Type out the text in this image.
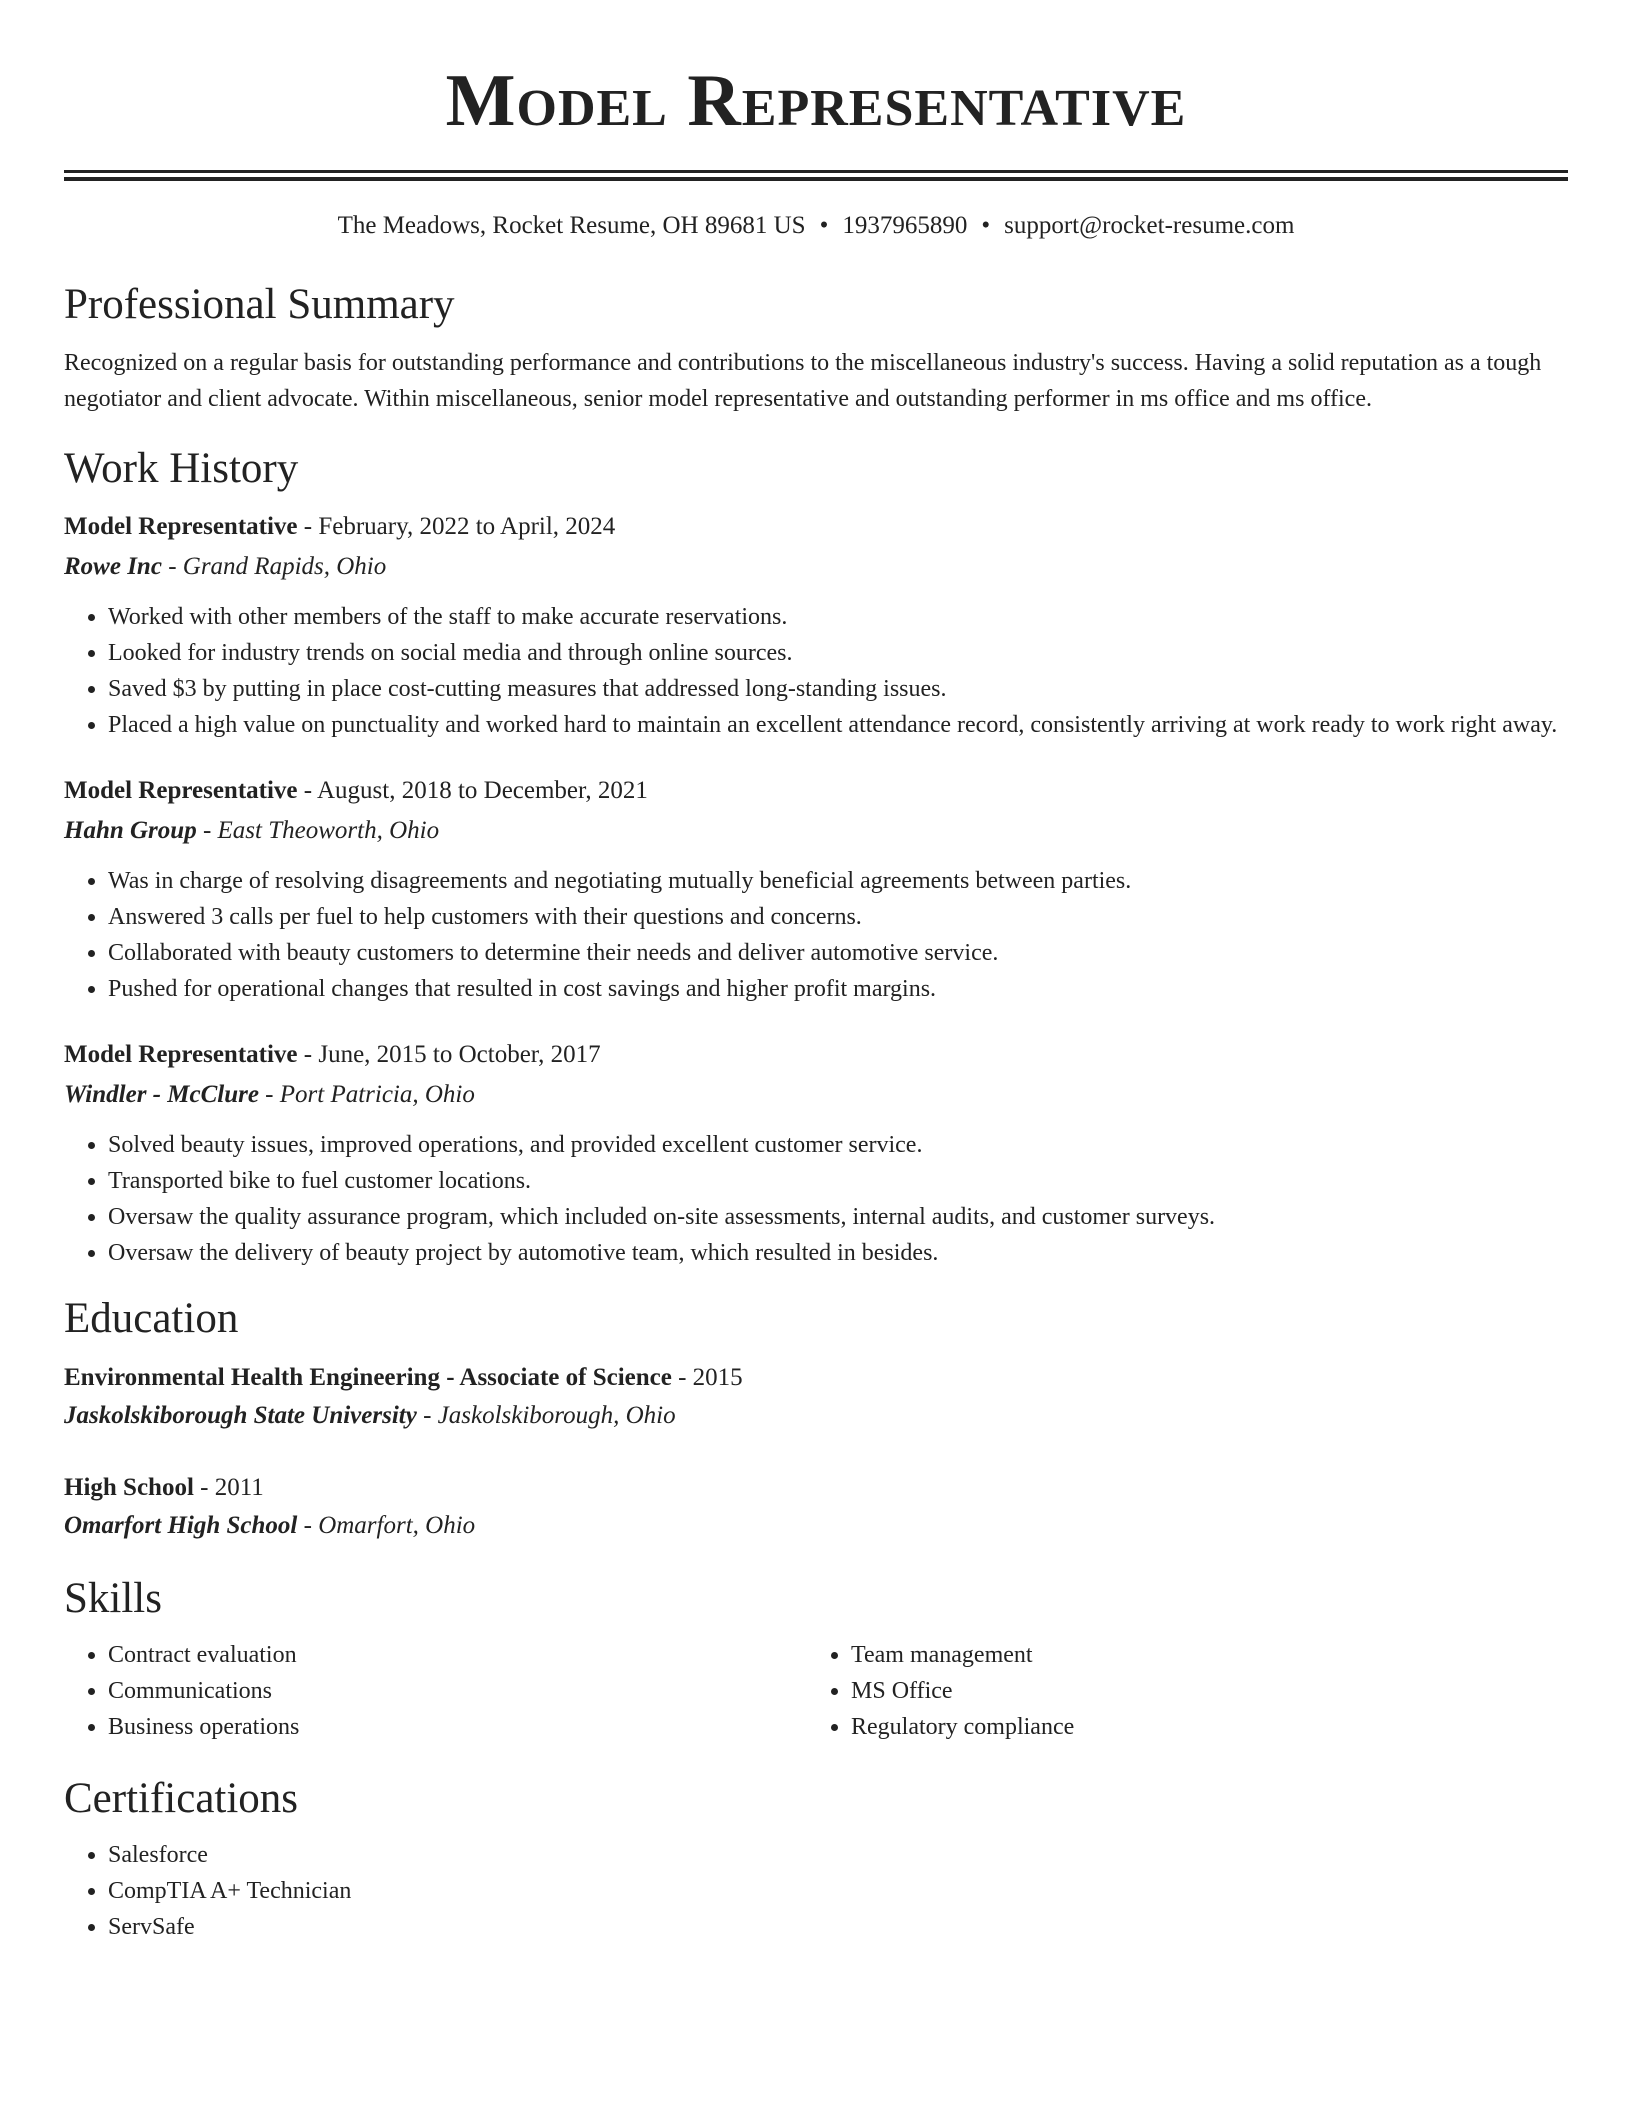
Model Representative
The Meadows, Rocket Resume, OH 89681 US • 1937965890 • support@rocket-resume.com
Professional Summary

Recognized on a regular basis for outstanding performance and contributions to the miscellaneous industry's success. Having a solid reputation as a tough negotiator and client advocate. Within miscellaneous, senior model representative and outstanding performer in ms office and ms office.

Work History
Model Representative - February, 2022 to April, 2024
Rowe Inc - Grand Rapids, Ohio
• Worked with other members of the staff to make accurate reservations.
• Looked for industry trends on social media and through online sources.
• Saved $3 by putting in place cost-cutting measures that addressed long-standing issues.
• Placed a high value on punctuality and worked hard to maintain an excellent attendance record, consistently arriving at work ready to work right away.
Model Representative - August, 2018 to December, 2021
Hahn Group - East Theoworth, Ohio
• Was in charge of resolving disagreements and negotiating mutually beneficial agreements between parties.
• Answered 3 calls per fuel to help customers with their questions and concerns.
• Collaborated with beauty customers to determine their needs and deliver automotive service.
• Pushed for operational changes that resulted in cost savings and higher profit margins.
Model Representative - June, 2015 to October, 2017
Windler - McClure - Port Patricia, Ohio
• Solved beauty issues, improved operations, and provided excellent customer service.
• Transported bike to fuel customer locations.
• Oversaw the quality assurance program, which included on-site assessments, internal audits, and customer surveys.
• Oversaw the delivery of beauty project by automotive team, which resulted in besides.
Education
Environmental Health Engineering - Associate of Science - 2015
Jaskolskiborough State University - Jaskolskiborough, Ohio
High School - 2011
Omarfort High School - Omarfort, Ohio
Skills
• Contract evaluation
• Communications
• Business operations
• Team management
• MS Office
• Regulatory compliance
Certifications
• Salesforce
• CompTIA A+ Technician
• ServSafe
